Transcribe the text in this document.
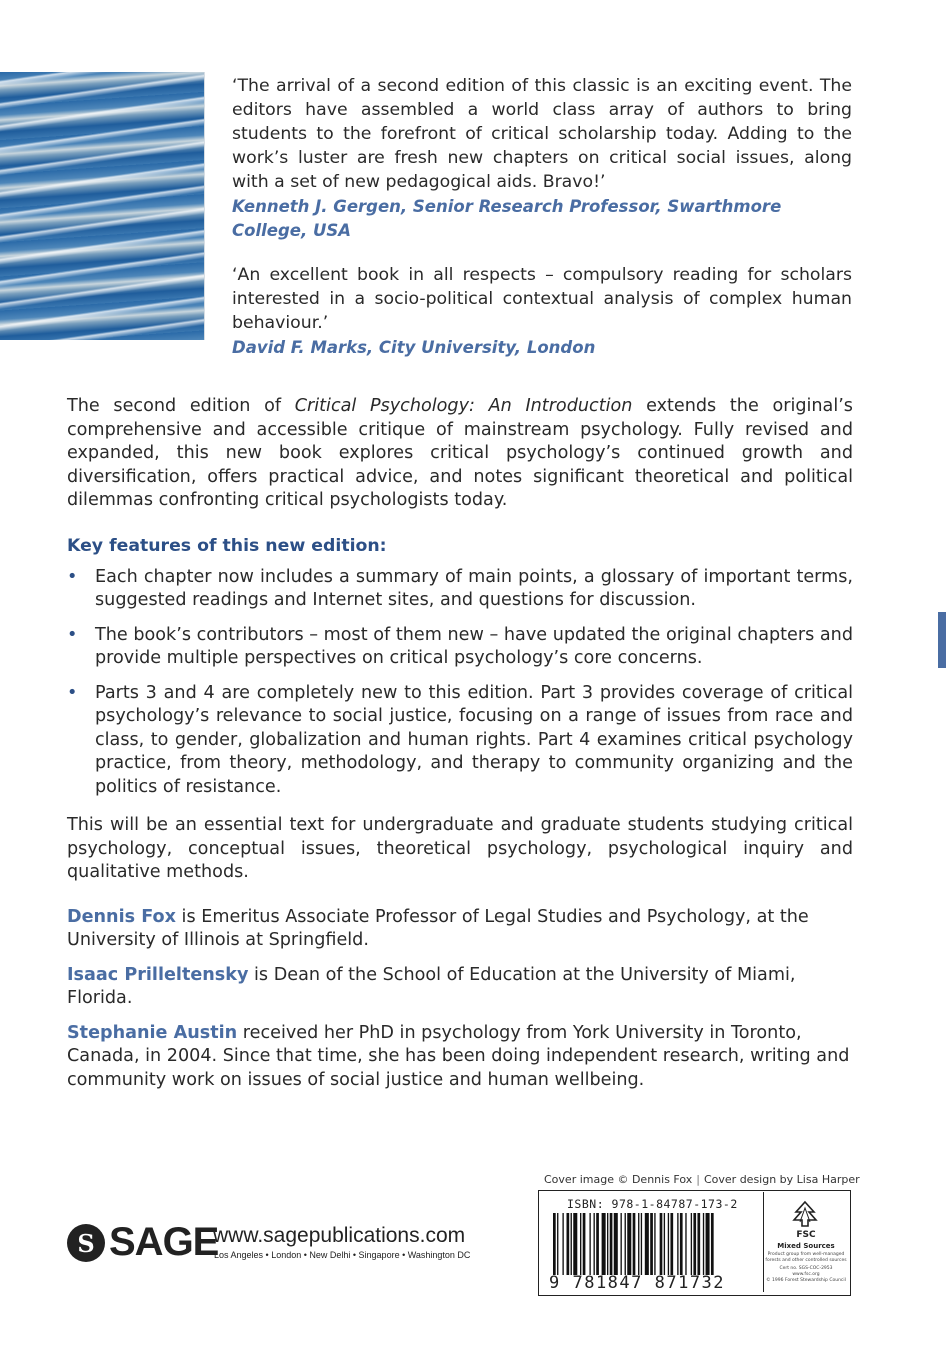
‘The arrival of a second edition of this classic is an exciting event. The editors have assembled a world class array of authors to bring students to the forefront of critical scholarship today. Adding to the work’s luster are fresh new chapters on critical social issues, along with a set of new pedagogical aids. Bravo!’
Kenneth J. Gergen, Senior Research Professor, Swarthmore College, USA
‘An excellent book in all respects – compulsory reading for scholars interested in a socio-political contextual analysis of complex human behaviour.’
David F. Marks, City University, London

The second edition of Critical Psychology: An Introduction extends the original’s comprehensive and accessible critique of mainstream psychology. Fully revised and expanded, this new book explores critical psychology’s continued growth and diversification, offers practical advice, and notes significant theoretical and political dilemmas confronting critical psychologists today.

Key features of this new edition:
• Each chapter now includes a summary of main points, a glossary of important terms, suggested readings and Internet sites, and questions for discussion.
• The book’s contributors – most of them new – have updated the original chapters and provide multiple perspectives on critical psychology’s core concerns.
• Parts 3 and 4 are completely new to this edition. Part 3 provides coverage of critical psychology’s relevance to social justice, focusing on a range of issues from race and class, to gender, globalization and human rights. Part 4 examines critical psychology practice, from theory, methodology, and therapy to community organizing and the politics of resistance.

This will be an essential text for undergraduate and graduate students studying critical psychology, conceptual issues, theoretical psychology, psychological inquiry and qualitative methods.

Dennis Fox is Emeritus Associate Professor of Legal Studies and Psychology, at the University of Illinois at Springfield.

Isaac Prilleltensky is Dean of the School of Education at the University of Miami, Florida.

Stephanie Austin received her PhD in psychology from York University in Toronto, Canada, in 2004. Since that time, she has been doing independent research, writing and community work on issues of social justice and human wellbeing.

S SAGE
www.sagepublications.com
Los Angeles • London • New Delhi • Singapore • Washington DC
Cover image © Dennis Fox | Cover design by Lisa Harper
ISBN: 978-1-84787-173-2
9 781847 871732
FSC
Mixed Sources
Product group from well-managed forests and other controlled sources
Cert no. SGS-COC-2953
www.fsc.org
© 1996 Forest Stewardship Council
